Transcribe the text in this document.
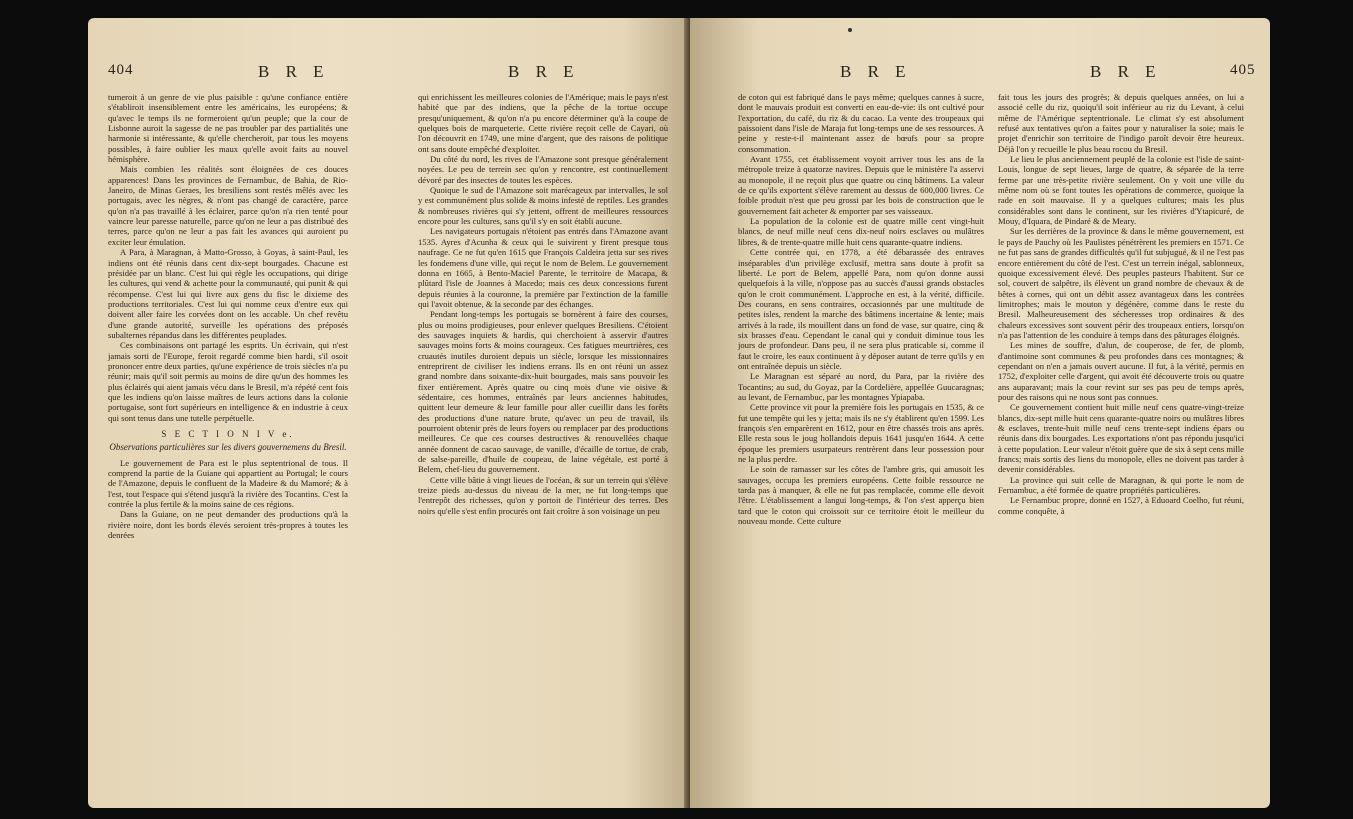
404	B R E	B R E

tumeroit à un genre de vie plus paisible : qu'une confiance entière s'établiroit insensiblement entre les américains, les européens; & qu'avec le temps ils ne formeroient qu'un peuple; que la cour de Lisbonne auroit la sagesse de ne pas troubler par des partialités une harmonie si intéressante, & qu'elle chercheroit, par tous les moyens possibles, à faire oublier les maux qu'elle avoit faits au nouvel hémisphère.

Mais combien les réalités sont éloignées de ces douces apparences! Dans les provinces de Fernambuc, de Bahia, de Rio-Janeiro, de Minas Geraes, les bresiliens sont restés mêlés avec les portugais, avec les nègres, & n'ont pas changé de caractère, parce qu'on n'a pas travaillé à les éclairer, parce qu'on n'a rien tenté pour vaincre leur paresse naturelle, parce qu'on ne leur a pas distribué des terres, parce qu'on ne leur a pas fait les avances qui auroient pu exciter leur émulation.

A Para, à Maragnan, à Matto-Grosso, à Goyas, à saint-Paul, les indiens ont été réunis dans cent dix-sept bourgades. Chacune est présidée par un blanc. C'est lui qui règle les occupations, qui dirige les cultures, qui vend & achette pour la communauté, qui punit & qui récompense. C'est lui qui livre aux gens du fisc le dixieme des productions territoriales. C'est lui qui nomme ceux d'entre eux qui doivent aller faire les corvées dont on les accable. Un chef revêtu d'une grande autorité, surveille les opérations des préposés subalternes répandus dans les différentes peuplades.

Ces combinaisons ont partagé les esprits. Un écrivain, qui n'est jamais sorti de l'Europe, feroit regardé comme bien hardi, s'il osoit prononcer entre deux parties, qu'une expérience de trois siècles n'a pu réunir; mais qu'il soit permis au moins de dire qu'un des hommes les plus éclairés qui aient jamais vécu dans le Bresil, m'a répété cent fois que les indiens qu'on laisse maîtres de leurs actions dans la colonie portugaise, sont fort supérieurs en intelligence & en industrie à ceux qui sont tenus dans une tutelle perpétuelle.

S E C T I O N I V e.
Observations particulières sur les divers gouvernemens du Bresil.

Le gouvernement de Para est le plus septentrional de tous. Il comprend la partie de la Guiane qui appartient au Portugal; le cours de l'Amazone, depuis le confluent de la Madeire & du Mamoré; & à l'est, tout l'espace qui s'étend jusqu'à la rivière des Tocantins. C'est la contrée la plus fertile & la moins saine de ces régions.

Dans la Guiane, on ne peut demander des productions qu'à la rivière noire, dont les bords élevés seroient très-propres à toutes les denrées

qui enrichissent les meilleures colonies de l'Amérique; mais le pays n'est habité que par des indiens, que la pêche de la tortue occupe presqu'uniquement, & qu'on n'a pu encore déterminer qu'à la coupe de quelques bois de marqueterie. Cette rivière reçoit celle de Cayari, où l'on découvrit en 1749, une mine d'argent, que des raisons de politique ont sans doute empêché d'exploiter.

Du côté du nord, les rives de l'Amazone sont presque généralement noyées. Le peu de terrein sec qu'on y rencontre, est continuellement dévoré par des insectes de toutes les espèces.

Quoique le sud de l'Amazone soit marécageux par intervalles, le sol y est communément plus solide & moins infesté de reptiles. Les grandes & nombreuses rivières qui s'y jettent, offrent de meilleures ressources encore pour les cultures, sans qu'il s'y en soit établi aucune.

Les navigateurs portugais n'étoient pas entrés dans l'Amazone avant 1535. Ayres d'Acunha & ceux qui le suivirent y firent presque tous naufrage. Ce ne fut qu'en 1615 que François Caldeira jetta sur ses rives les fondemens d'une ville, qui reçut le nom de Belem. Le gouvernement donna en 1665, à Bento-Maciel Parente, le territoire de Macapa, & plûtard l'isle de Joannes à Macedo; mais ces deux concessions furent depuis réunies à la couronne, la première par l'extinction de la famille qui l'avoit obtenue, & la seconde par des échanges.

Pendant long-temps les portugais se bornèrent à faire des courses, plus ou moins prodigieuses, pour enlever quelques Bresiliens. C'étoient des sauvages inquiets & hardis, qui cherchoient à asservir d'autres sauvages moins forts & moins courageux. Ces fatigues meurtrières, ces cruautés inutiles duroient depuis un siècle, lorsque les missionnaires entreprirent de civiliser les indiens errans. Ils en ont réuni un assez grand nombre dans soixante-dix-huit bourgades, mais sans pouvoir les fixer entièrement. Après quatre ou cinq mois d'une vie oisive & sédentaire, ces hommes, entraînés par leurs anciennes habitudes, quittent leur demeure & leur famille pour aller cueillir dans les forêts des productions d'une nature brute, qu'avec un peu de travail, ils pourroient obtenir près de leurs foyers ou remplacer par des productions meilleures. Ce que ces courses destructives & renouvellées chaque année donnent de cacao sauvage, de vanille, d'écaille de tortue, de crab, de salse-pareille, d'huile de coupeau, de laine végétale, est porté à Belem, chef-lieu du gouvernement.

Cette ville bâtie à vingt lieues de l'océan, & sur un terrein qui s'élève treize pieds au-dessus du niveau de la mer, ne fut long-temps que l'entrepôt des richesses, qu'on y portoit de l'intérieur des terres. Des noirs qu'elle s'est enfin procurés ont fait croître à son voisinage un peu

B R E	B R E	405

de coton qui est fabriqué dans le pays même; quelques cannes à sucre, dont le mauvais produit est converti en eau-de-vie: ils ont cultivé pour l'exportation, du café, du riz & du cacao. La vente des troupeaux qui paissoient dans l'isle de Maraja fut long-temps une de ses ressources. A peine y reste-t-il maintenant assez de bœufs pour sa propre consommation.

Avant 1755, cet établissement voyoit arriver tous les ans de la métropole treize à quatorze navires. Depuis que le ministère l'a asservi au monopole, il ne reçoit plus que quatre ou cinq bâtimens. La valeur de ce qu'ils exportent s'élève rarement au dessus de 600,000 livres. Ce foible produit n'est que peu grossi par les bois de construction que le gouvernement fait acheter & emporter par ses vaisseaux.

La population de la colonie est de quatre mille cent vingt-huit blancs, de neuf mille neuf cens dix-neuf noirs esclaves ou mulâtres libres, & de trente-quatre mille huit cens quarante-quatre indiens.

Cette contrée qui, en 1778, a été débarassée des entraves inséparables d'un privilège exclusif, mettra sans doute à profit sa liberté. Le port de Belem, appellé Para, nom qu'on donne aussi quelquefois à la ville, n'oppose pas au succès d'aussi grands obstacles qu'on le croit communément. L'approche en est, à la vérité, difficile. Des courans, en sens contraires, occasionnés par une multitude de petites isles, rendent la marche des bâtimens incertaine & lente; mais arrivés à la rade, ils mouillent dans un fond de vase, sur quatre, cinq & six brasses d'eau. Cependant le canal qui y conduit diminue tous les jours de profondeur. Dans peu, il ne sera plus praticable si, comme il faut le croire, les eaux continuent à y déposer autant de terre qu'ils y en ont entraînée depuis un siècle.

Le Maragnan est séparé au nord, du Para, par la rivière des Tocantins; au sud, du Goyaz, par la Cordelière, appellée Guucaragnas; au levant, de Fernambuc, par les montagnes Ypiapaba.

Cette province vit pour la première fois les portugais en 1535, & ce fut une tempête qui les y jetta; mais ils ne s'y établirent qu'en 1599. Les françois s'en emparèrent en 1612, pour en être chassés trois ans après. Elle resta sous le joug hollandois depuis 1641 jusqu'en 1644. A cette époque les premiers usurpateurs rentrèrent dans leur possession pour ne la plus perdre.

Le soin de ramasser sur les côtes de l'ambre gris, qui amusoit les sauvages, occupa les premiers européens. Cette foible ressource ne tarda pas à manquer, & elle ne fut pas remplacée, comme elle devoit l'être. L'établissement a langui long-temps, & l'on s'est apperçu bien tard que le coton qui croissoit sur ce territoire étoit le meilleur du nouveau monde. Cette culture

fait tous les jours des progrès; & depuis quelques années, on lui a associé celle du riz, quoiqu'il soit inférieur au riz du Levant, à celui même de l'Amérique septentrionale. Le climat s'y est absolument refusé aux tentatives qu'on a faites pour y naturaliser la soie; mais le projet d'enrichir son territoire de l'indigo paroît devoir être heureux. Déjà l'on y recueille le plus beau rocou du Bresil.

Le lieu le plus anciennement peuplé de la colonie est l'isle de saint-Louis, longue de sept lieues, large de quatre, & séparée de la terre ferme par une très-petite rivière seulement. On y voit une ville du même nom où se font toutes les opérations de commerce, quoique la rade en soit mauvaise. Il y a quelques cultures; mais les plus considérables sont dans le continent, sur les rivières d'Ytapicuré, de Mouy, d'Iquara, de Pindaré & de Meary.

Sur les derrières de la province & dans le même gouvernement, est le pays de Pauchy où les Paulistes pénétrèrent les premiers en 1571. Ce ne fut pas sans de grandes difficultés qu'il fut subjugué, & il ne l'est pas encore entièrement du côté de l'est. C'est un terrein inégal, sablonneux, quoique excessivement élevé. Des peuples pasteurs l'habitent. Sur ce sol, couvert de salpêtre, ils élèvent un grand nombre de chevaux & de bêtes à cornes, qui ont un débit assez avantageux dans les contrées limitrophes; mais le mouton y dégénère, comme dans le reste du Bresil. Malheureusement des sécheresses trop ordinaires & des chaleurs excessives sont souvent périr des troupeaux entiers, lorsqu'on n'a pas l'attention de les conduire à temps dans des pâturages éloignés.

Les mines de souffre, d'alun, de couperose, de fer, de plomb, d'antimoine sont communes & peu profondes dans ces montagnes; & cependant on n'en a jamais ouvert aucune. Il fut, à la vérité, permis en 1752, d'exploiter celle d'argent, qui avoit été découverte trois ou quatre ans auparavant; mais la cour revint sur ses pas peu de temps après, pour des raisons qui ne nous sont pas connues.

Ce gouvernement contient huit mille neuf cens quatre-vingt-treize blancs, dix-sept mille huit cens quarante-quatre noirs ou mulâtres libres & esclaves, trente-huit mille neuf cens trente-sept indiens épars ou réunis dans dix bourgades. Les exportations n'ont pas répondu jusqu'ici à cette population. Leur valeur n'étoit guère que de six à sept cens mille francs; mais sortis des liens du monopole, elles ne doivent pas tarder à devenir considérables.

La province qui suit celle de Maragnan, & qui porte le nom de Fernambuc, a été formée de quatre propriétés particulières.

Le Fernambuc propre, donné en 1527, à Eduoard Coelho, fut réuni, comme conquête, à
